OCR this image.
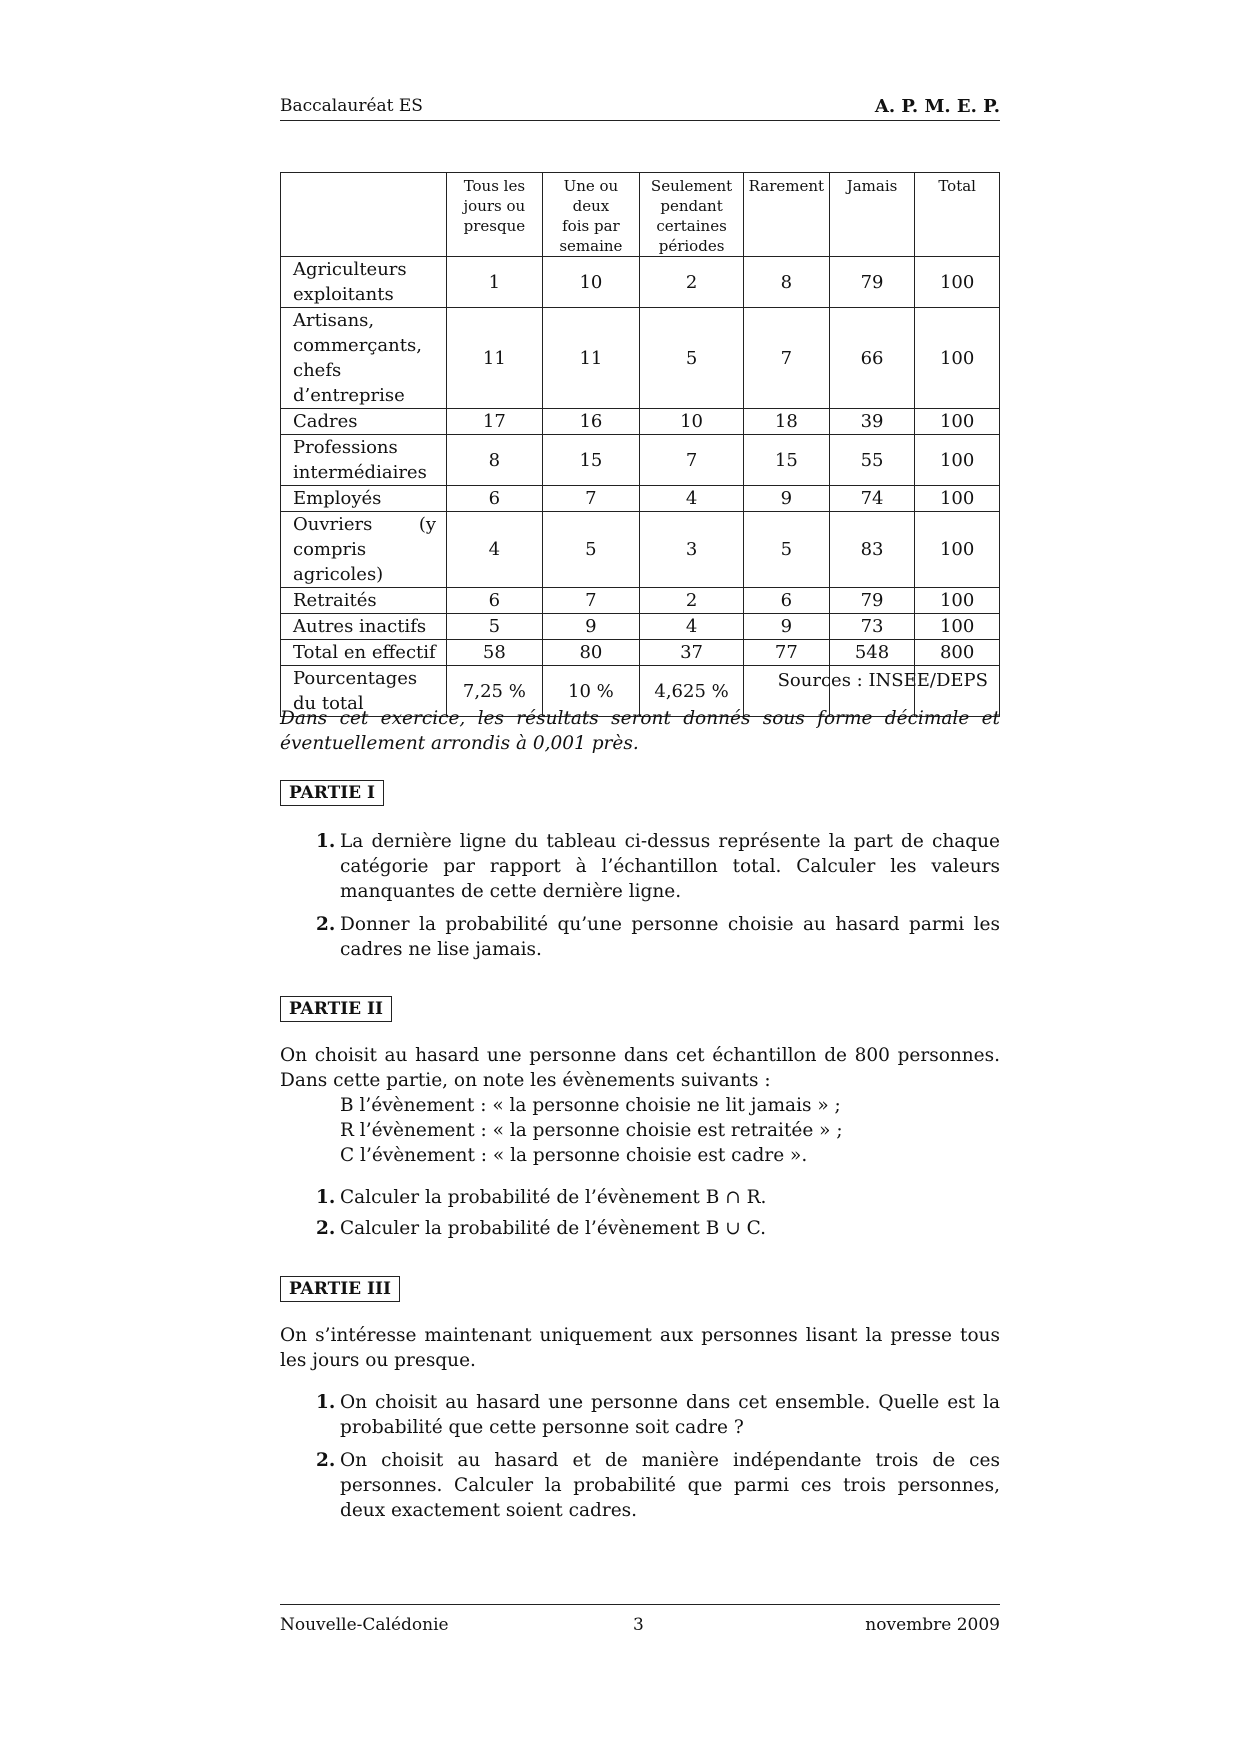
Baccalauréat ES	A. P. M. E. P.
	Tous les jours ou presque	Une ou deux fois par semaine	Seulement pendant certaines périodes	Rarement	Jamais	Total
Agriculteurs exploitants	1	10	2	8	79	100
Artisans, commerçants, chefs d’entreprise	11	11	5	7	66	100
Cadres	17	16	10	18	39	100
Professions intermédiaires	8	15	7	15	55	100
Employés	6	7	4	9	74	100
Ouvriers (y compris agricoles)	4	5	3	5	83	100
Retraités	6	7	2	6	79	100
Autres inactifs	5	9	4	9	73	100
Total en effectif	58	80	37	77	548	800
Pourcentages du total	7,25 %	10 %	4,625 %				Sources : INSEE/DEPS

Dans cet exercice, les résultats seront donnés sous forme décimale et éventuellement arrondis à 0,001 près.

PARTIE I
1. La dernière ligne du tableau ci-dessus représente la part de chaque catégorie par rapport à l’échantillon total. Calculer les valeurs manquantes de cette dernière ligne.
2. Donner la probabilité qu’une personne choisie au hasard parmi les cadres ne lise jamais.
PARTIE II

On choisit au hasard une personne dans cet échantillon de 800 personnes. Dans cette partie, on note les évènements suivants :

B l’évènement : « la personne choisie ne lit jamais » ;
R l’évènement : « la personne choisie est retraitée » ;
C l’évènement : « la personne choisie est cadre ».
1. Calculer la probabilité de l’évènement B ∩ R.
2. Calculer la probabilité de l’évènement B ∪ C.
PARTIE III

On s’intéresse maintenant uniquement aux personnes lisant la presse tous les jours ou presque.

1. On choisit au hasard une personne dans cet ensemble. Quelle est la probabilité que cette personne soit cadre ?
2. On choisit au hasard et de manière indépendante trois de ces personnes. Calculer la probabilité que parmi ces trois personnes, deux exactement soient cadres.
Nouvelle-Calédonie	3	novembre 2009
